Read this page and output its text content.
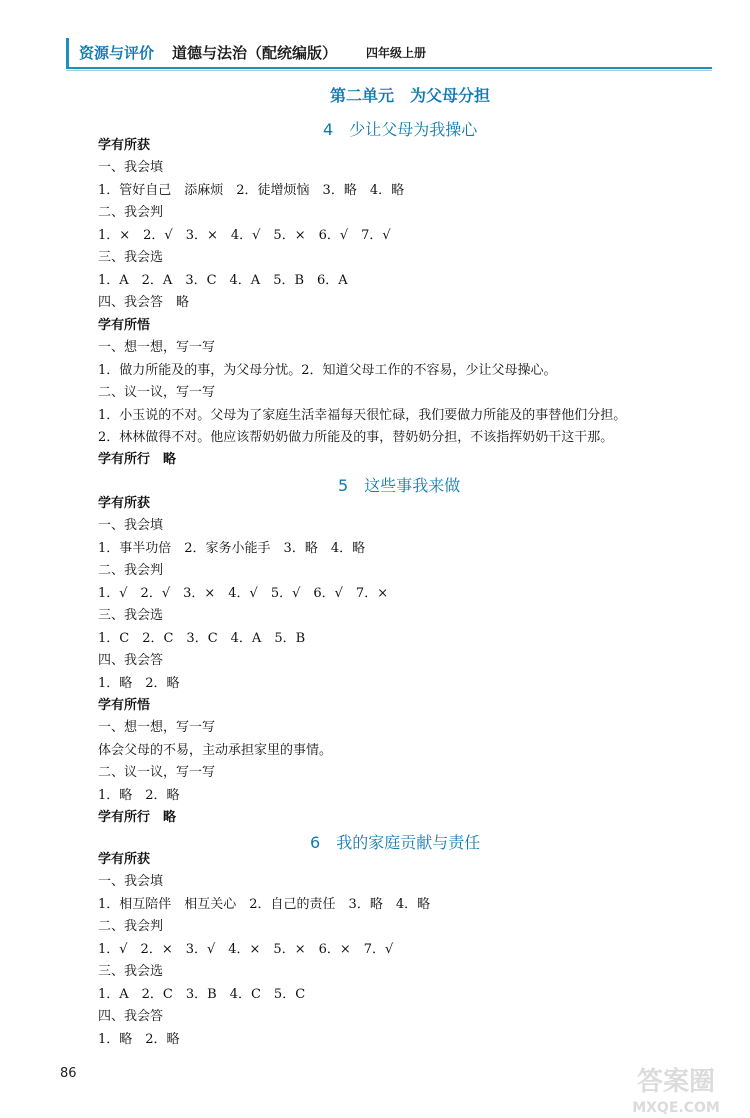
资源与评价	道德与法治（配统编版） 四年级上册
第二单元　为父母分担
4 少让父母为我操心
学有所获
一、我会填
1．管好自己　添麻烦　2．徒增烦恼　3．略　4．略
二、我会判
1．×　2．√　3．×　4．√　5．×　6．√　7．√
三、我会选
1．A　2．A　3．C　4．A　5．B　6．A
四、我会答　略
学有所悟
一、想一想，写一写
1．做力所能及的事，为父母分忧。2．知道父母工作的不容易，少让父母操心。
二、议一议，写一写
1．小玉说的不对。父母为了家庭生活幸福每天很忙碌，我们要做力所能及的事替他们分担。
2．林林做得不对。他应该帮奶奶做力所能及的事，替奶奶分担，不该指挥奶奶干这干那。
学有所行　略
5 这些事我来做
学有所获
一、我会填
1．事半功倍　2．家务小能手　3．略　4．略
二、我会判
1．√　2．√　3．×　4．√　5．√　6．√　7．×
三、我会选
1．C　2．C　3．C　4．A　5．B
四、我会答
1．略　2．略
学有所悟
一、想一想，写一写
体会父母的不易，主动承担家里的事情。
二、议一议，写一写
1．略　2．略
学有所行　略
6 我的家庭贡献与责任
学有所获
一、我会填
1．相互陪伴　相互关心　2．自己的责任　3．略　4．略
二、我会判
1．√　2．×　3．√　4．×　5．×　6．×　7．√
三、我会选
1．A　2．C　3．B　4．C　5．C
四、我会答
1．略　2．略
86	答案圈
MXQE.COM
